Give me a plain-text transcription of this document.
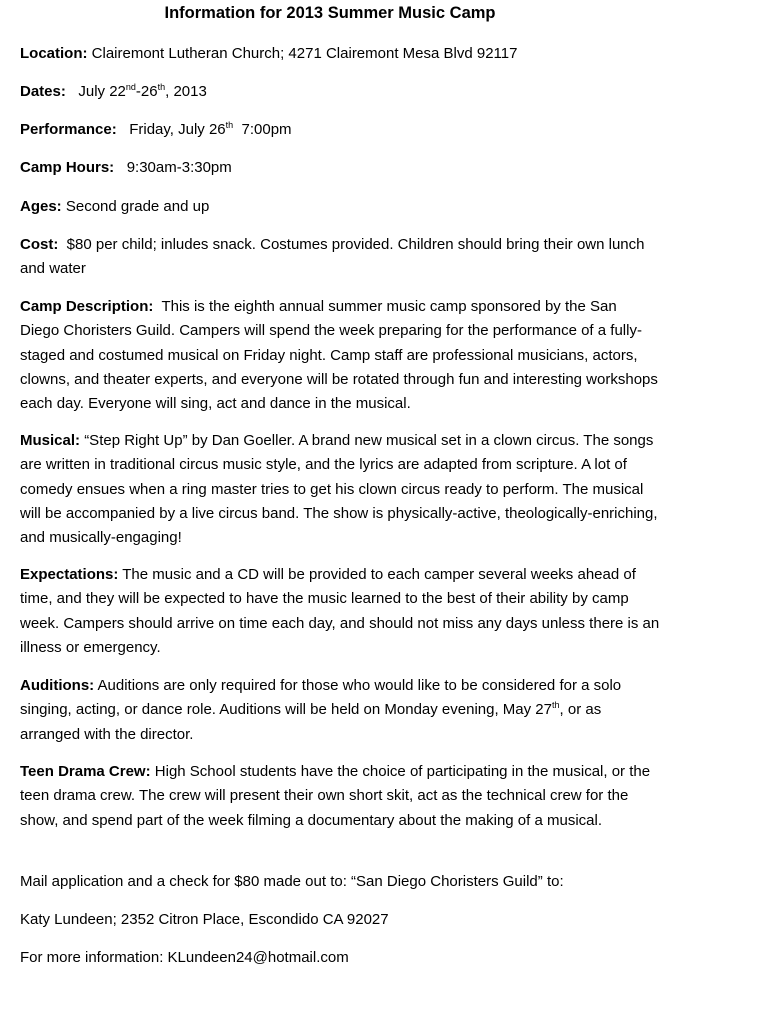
Information for 2013 Summer Music Camp

Location: Clairemont Lutheran Church; 4271 Clairemont Mesa Blvd 92117

Dates: July 22nd-26th, 2013

Performance: Friday, July 26th 7:00pm

Camp Hours: 9:30am-3:30pm

Ages: Second grade and up

Cost: $80 per child; inludes snack. Costumes provided. Children should bring their own lunch and water

Camp Description: This is the eighth annual summer music camp sponsored by the San Diego Choristers Guild. Campers will spend the week preparing for the performance of a fully-staged and costumed musical on Friday night. Camp staff are professional musicians, actors, clowns, and theater experts, and everyone will be rotated through fun and interesting workshops each day. Everyone will sing, act and dance in the musical.

Musical: “Step Right Up” by Dan Goeller. A brand new musical set in a clown circus. The songs are written in traditional circus music style, and the lyrics are adapted from scripture. A lot of comedy ensues when a ring master tries to get his clown circus ready to perform. The musical will be accompanied by a live circus band. The show is physically-active, theologically-enriching, and musically-engaging!

Expectations: The music and a CD will be provided to each camper several weeks ahead of time, and they will be expected to have the music learned to the best of their ability by camp week. Campers should arrive on time each day, and should not miss any days unless there is an illness or emergency.

Auditions: Auditions are only required for those who would like to be considered for a solo singing, acting, or dance role. Auditions will be held on Monday evening, May 27th, or as arranged with the director.

Teen Drama Crew: High School students have the choice of participating in the musical, or the teen drama crew. The crew will present their own short skit, act as the technical crew for the show, and spend part of the week filming a documentary about the making of a musical.

Mail application and a check for $80 made out to: “San Diego Choristers Guild” to:

Katy Lundeen; 2352 Citron Place, Escondido CA 92027

For more information: KLundeen24@hotmail.com
